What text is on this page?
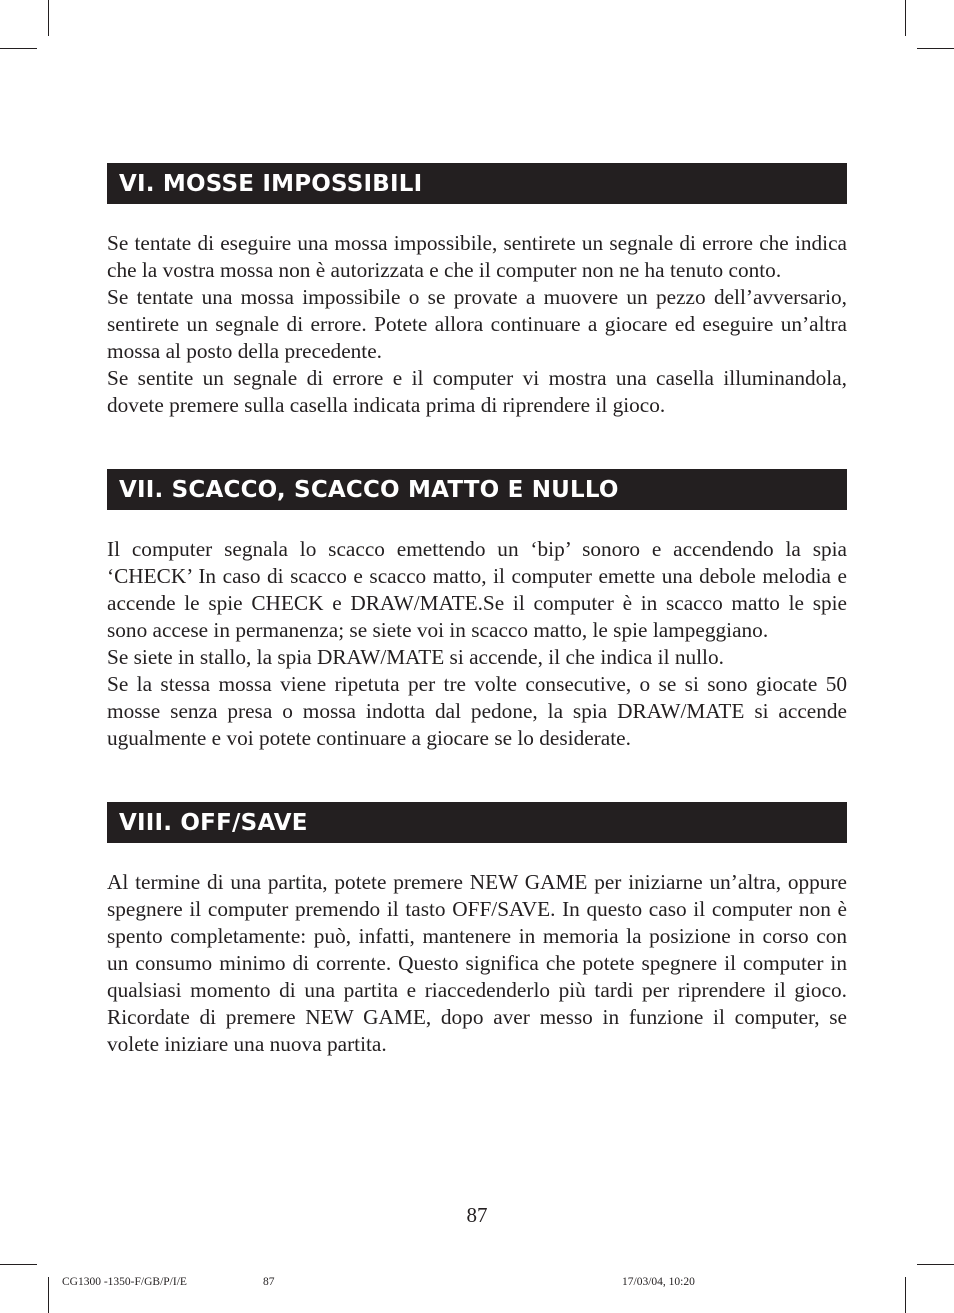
VI. MOSSE IMPOSSIBILI

Se tentate di eseguire una mossa impossibile, sentirete un segnale di errore che indica che la vostra mossa non è autorizzata e che il computer non ne ha tenuto conto.

Se tentate una mossa impossibile o se provate a muovere un pezzo dell’avversario, sentirete un segnale di errore. Potete allora continuare a giocare ed eseguire un’altra mossa al posto della precedente.

Se sentite un segnale di errore e il computer vi mostra una casella illuminandola, dovete premere sulla casella indicata prima di riprendere il gioco.

VII. SCACCO, SCACCO MATTO E NULLO

Il computer segnala lo scacco emettendo un ‘bip’ sonoro e accendendo la spia ‘CHECK’ In caso di scacco e scacco matto, il computer emette una debole melodia e accende le spie CHECK e DRAW/MATE.Se il computer è in scacco matto le spie sono accese in permanenza; se siete voi in scacco matto, le spie lampeggiano.

Se siete in stallo, la spia DRAW/MATE si accende, il che indica il nullo.

Se la stessa mossa viene ripetuta per tre volte consecutive, o se si sono giocate 50 mosse senza presa o mossa indotta dal pedone, la spia DRAW/MATE si accende ugualmente e voi potete continuare a giocare se lo desiderate.

VIII. OFF/SAVE

Al termine di una partita, potete premere NEW GAME per iniziarne un’altra, oppure spegnere il computer premendo il tasto OFF/SAVE. In questo caso il computer non è spento completamente: può, infatti, mantenere in memoria la posizione in corso con un consumo minimo di corrente. Questo significa che potete spegnere il computer in qualsiasi momento di una partita e riaccedenderlo più tardi per riprendere il gioco. Ricordate di premere NEW GAME, dopo aver messo in funzione il computer, se volete iniziare una nuova partita.

87
CG1300 -1350-F/GB/P/I/E	87	17/03/04, 10:20
